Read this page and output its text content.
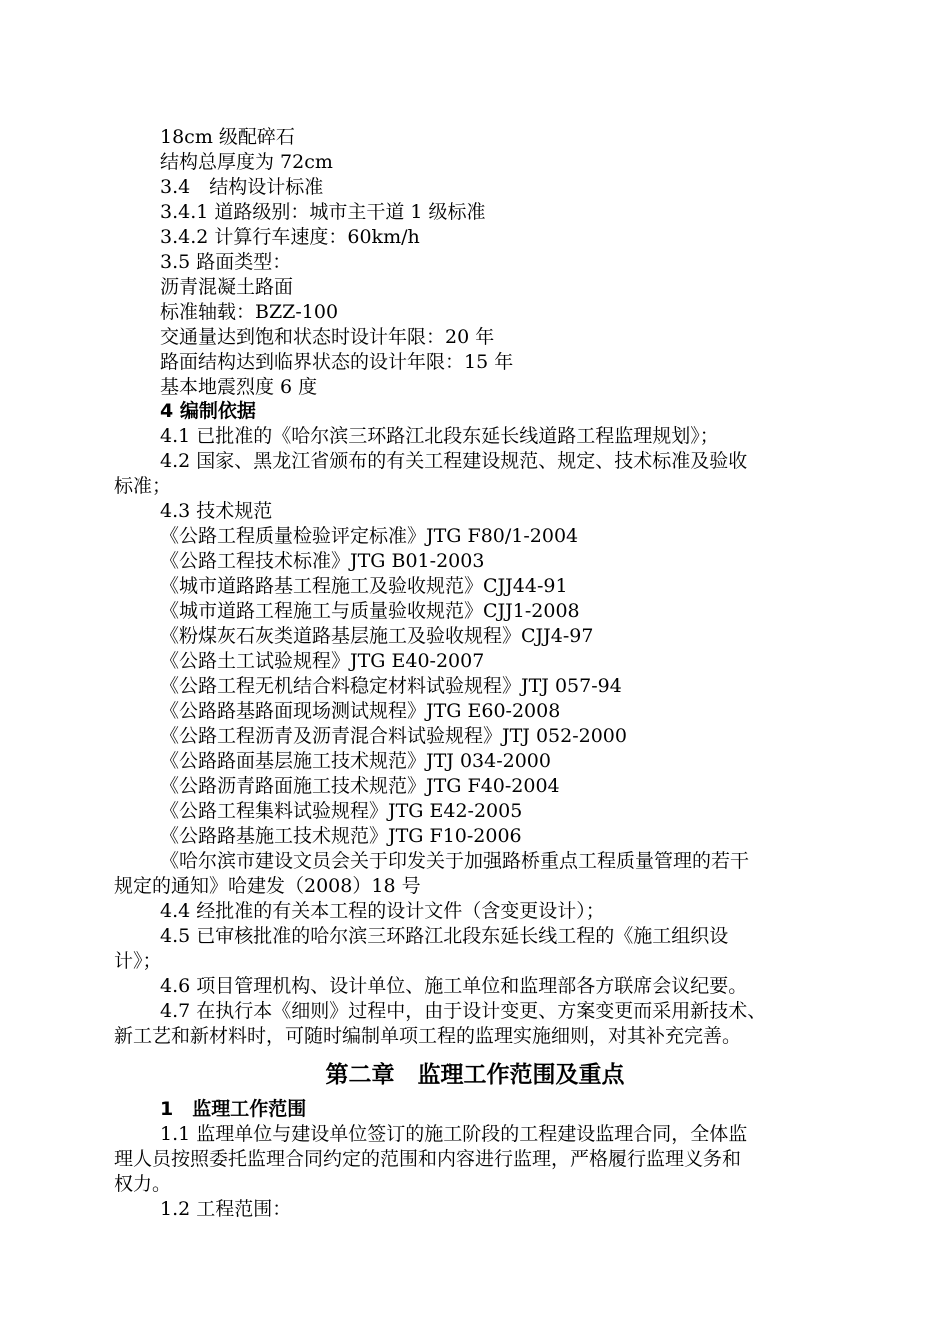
18cm 级配碎石
结构总厚度为 72cm
3.4　结构设计标准
3.4.1 道路级别：城市主干道 1 级标准
3.4.2 计算行车速度：60km/h
3.5 路面类型：
沥青混凝土路面
标准轴载：BZZ-100
交通量达到饱和状态时设计年限：20 年
路面结构达到临界状态的设计年限：15 年
基本地震烈度 6 度
4 编制依据
4.1 已批准的《哈尔滨三环路江北段东延长线道路工程监理规划》；
4.2 国家、黑龙江省颁布的有关工程建设规范、规定、技术标准及验收
标准；
4.3 技术规范
《公路工程质量检验评定标准》JTG F80/1-2004
《公路工程技术标准》JTG B01-2003
《城市道路路基工程施工及验收规范》CJJ44-91
《城市道路工程施工与质量验收规范》CJJ1-2008
《粉煤灰石灰类道路基层施工及验收规程》CJJ4-97
《公路土工试验规程》JTG E40-2007
《公路工程无机结合料稳定材料试验规程》JTJ 057-94
《公路路基路面现场测试规程》JTG E60-2008
《公路工程沥青及沥青混合料试验规程》JTJ 052-2000
《公路路面基层施工技术规范》JTJ 034-2000
《公路沥青路面施工技术规范》JTG F40-2004
《公路工程集料试验规程》JTG E42-2005
《公路路基施工技术规范》JTG F10-2006
《哈尔滨市建设文员会关于印发关于加强路桥重点工程质量管理的若干
规定的通知》哈建发（2008）18 号
4.4 经批准的有关本工程的设计文件（含变更设计）；
4.5 已审核批准的哈尔滨三环路江北段东延长线工程的《施工组织设
计》；
4.6 项目管理机构、设计单位、施工单位和监理部各方联席会议纪要。
4.7 在执行本《细则》过程中，由于设计变更、方案变更而采用新技术、
新工艺和新材料时，可随时编制单项工程的监理实施细则，对其补充完善。
第二章　监理工作范围及重点
1　监理工作范围
1.1 监理单位与建设单位签订的施工阶段的工程建设监理合同，全体监
理人员按照委托监理合同约定的范围和内容进行监理，严格履行监理义务和
权力。
1.2 工程范围：
